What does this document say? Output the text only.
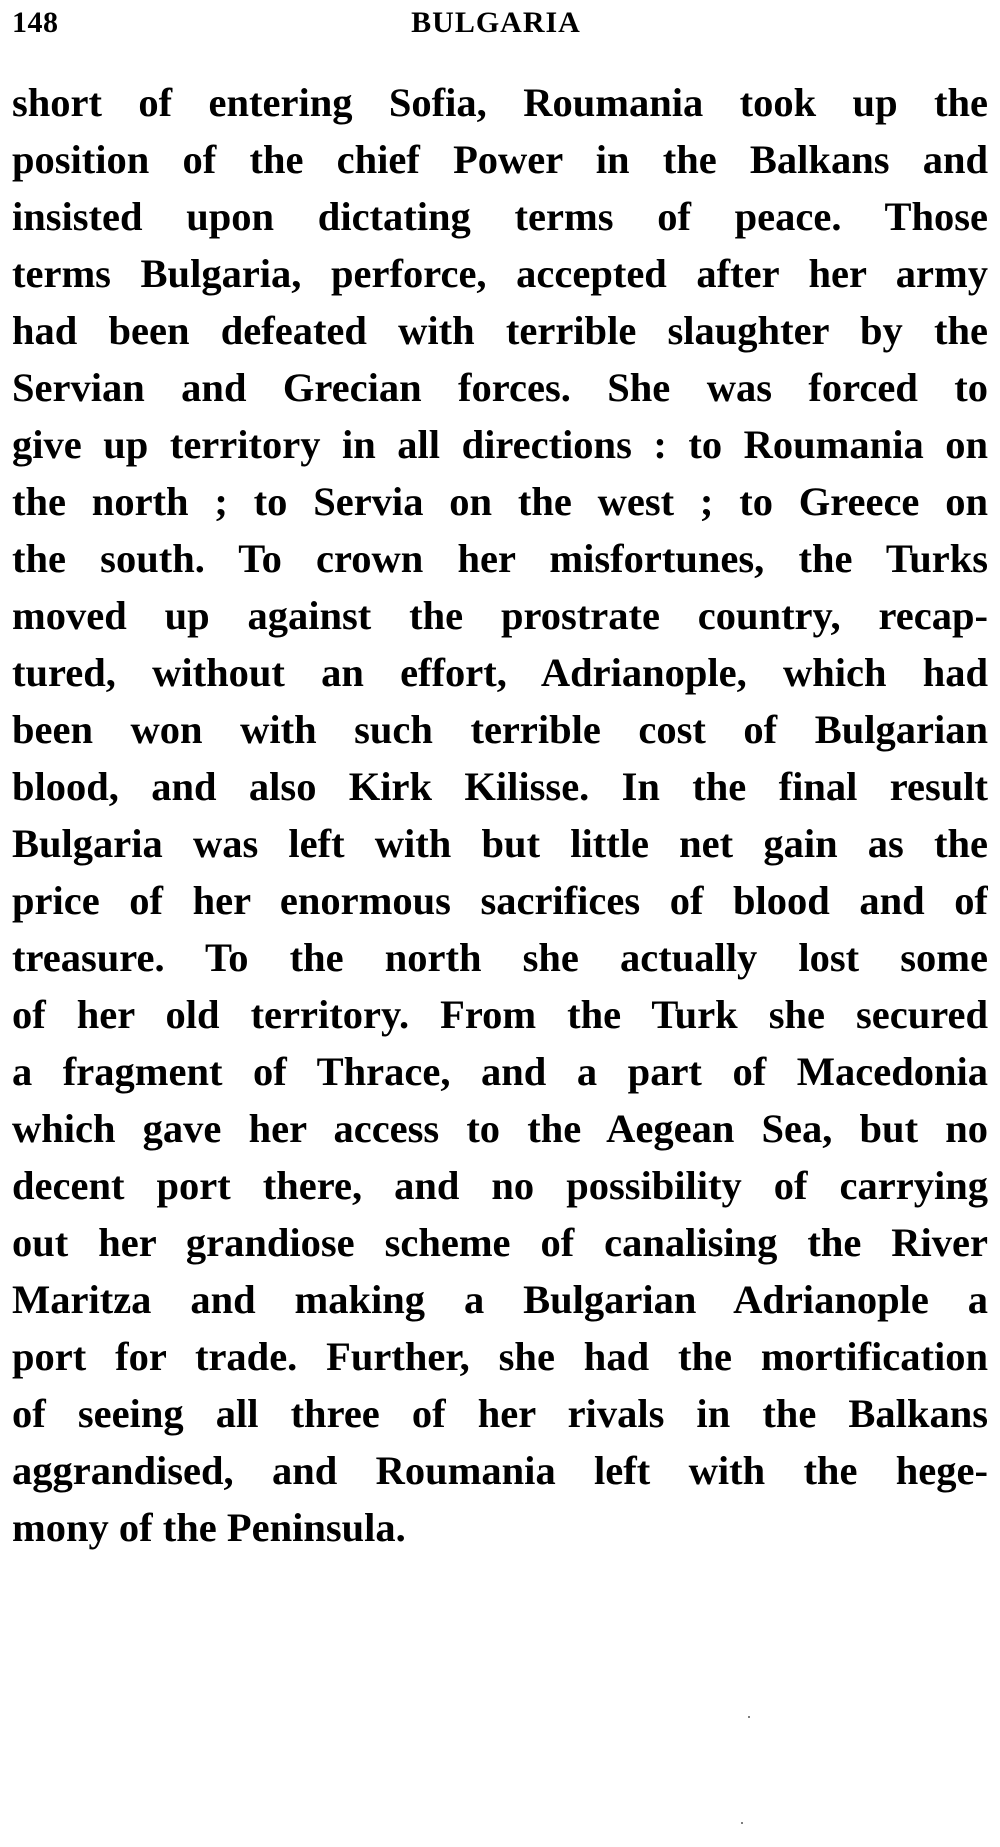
148	BULGARIA
short of entering Sofia, Roumania took up the
position of the chief Power in the Balkans and
insisted upon dictating terms of peace. Those
terms Bulgaria, perforce, accepted after her army
had been defeated with terrible slaughter by the
Servian and Grecian forces. She was forced to
give up territory in all directions : to Roumania on
the north ; to Servia on the west ; to Greece on
the south. To crown her misfortunes, the Turks
moved up against the prostrate country, recap-
tured, without an effort, Adrianople, which had
been won with such terrible cost of Bulgarian
blood, and also Kirk Kilisse. In the final result
Bulgaria was left with but little net gain as the
price of her enormous sacrifices of blood and of
treasure. To the north she actually lost some
of her old territory. From the Turk she secured
a fragment of Thrace, and a part of Macedonia
which gave her access to the Aegean Sea, but no
decent port there, and no possibility of carrying
out her grandiose scheme of canalising the River
Maritza and making a Bulgarian Adrianople a
port for trade. Further, she had the mortification
of seeing all three of her rivals in the Balkans
aggrandised, and Roumania left with the hege-
mony of the Peninsula.
